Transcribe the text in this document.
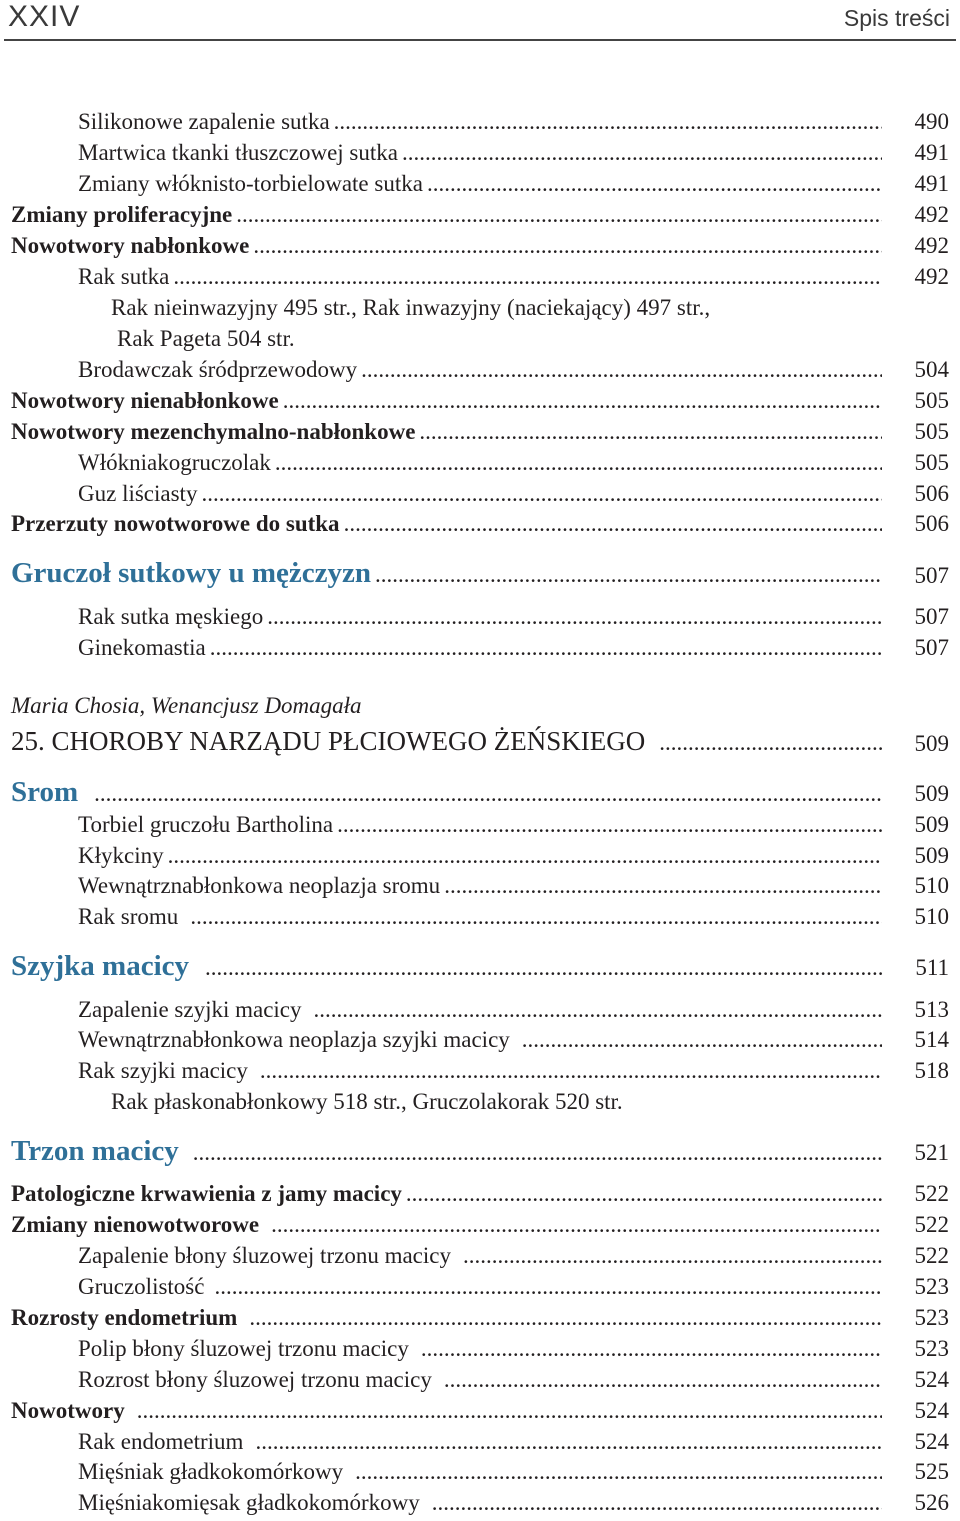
XXIV	Spis treści
Silikonowe zapalenie sutka .....	490
Martwica tkanki tłuszczowej sutka .....	491
Zmiany włóknisto-torbielowate sutka .....	491
Zmiany proliferacyjne .....	492
Nowotwory nabłonkowe .....	492
Rak sutka .....	492
Rak nieinwazyjny 495 str., Rak inwazyjny (naciekający) 497 str.,
Rak Pageta 504 str.
Brodawczak śródprzewodowy .....	504
Nowotwory nienabłonkowe .....	505
Nowotwory mezenchymalno-nabłonkowe .....	505
Włókniakogruczolak .....	505
Guz liściasty .....	506
Przerzuty nowotworowe do sutka .....	506
Gruczoł sutkowy u mężczyzn .....	507
Rak sutka męskiego .....	507
Ginekomastia .....	507
Maria Chosia, Wenancjusz Domagała
25. CHOROBY NARZĄDU PŁCIOWEGO ŻEŃSKIEGO .....	509
Srom .....	509
Torbiel gruczołu Bartholina .....	509
Kłykciny .....	509
Wewnątrznabłonkowa neoplazja sromu .....	510
Rak sromu .....	510
Szyjka macicy .....	511
Zapalenie szyjki macicy .....	513
Wewnątrznabłonkowa neoplazja szyjki macicy .....	514
Rak szyjki macicy .....	518
Rak płaskonabłonkowy 518 str., Gruczolakorak 520 str.
Trzon macicy .....	521
Patologiczne krwawienia z jamy macicy .....	522
Zmiany nienowotworowe .....	522
Zapalenie błony śluzowej trzonu macicy .....	522
Gruczolistość .....	523
Rozrosty endometrium .....	523
Polip błony śluzowej trzonu macicy .....	523
Rozrost błony śluzowej trzonu macicy .....	524
Nowotwory .....	524
Rak endometrium .....	524
Mięśniak gładkokomórkowy .....	525
Mięśniakomięsak gładkokomórkowy .....	526
